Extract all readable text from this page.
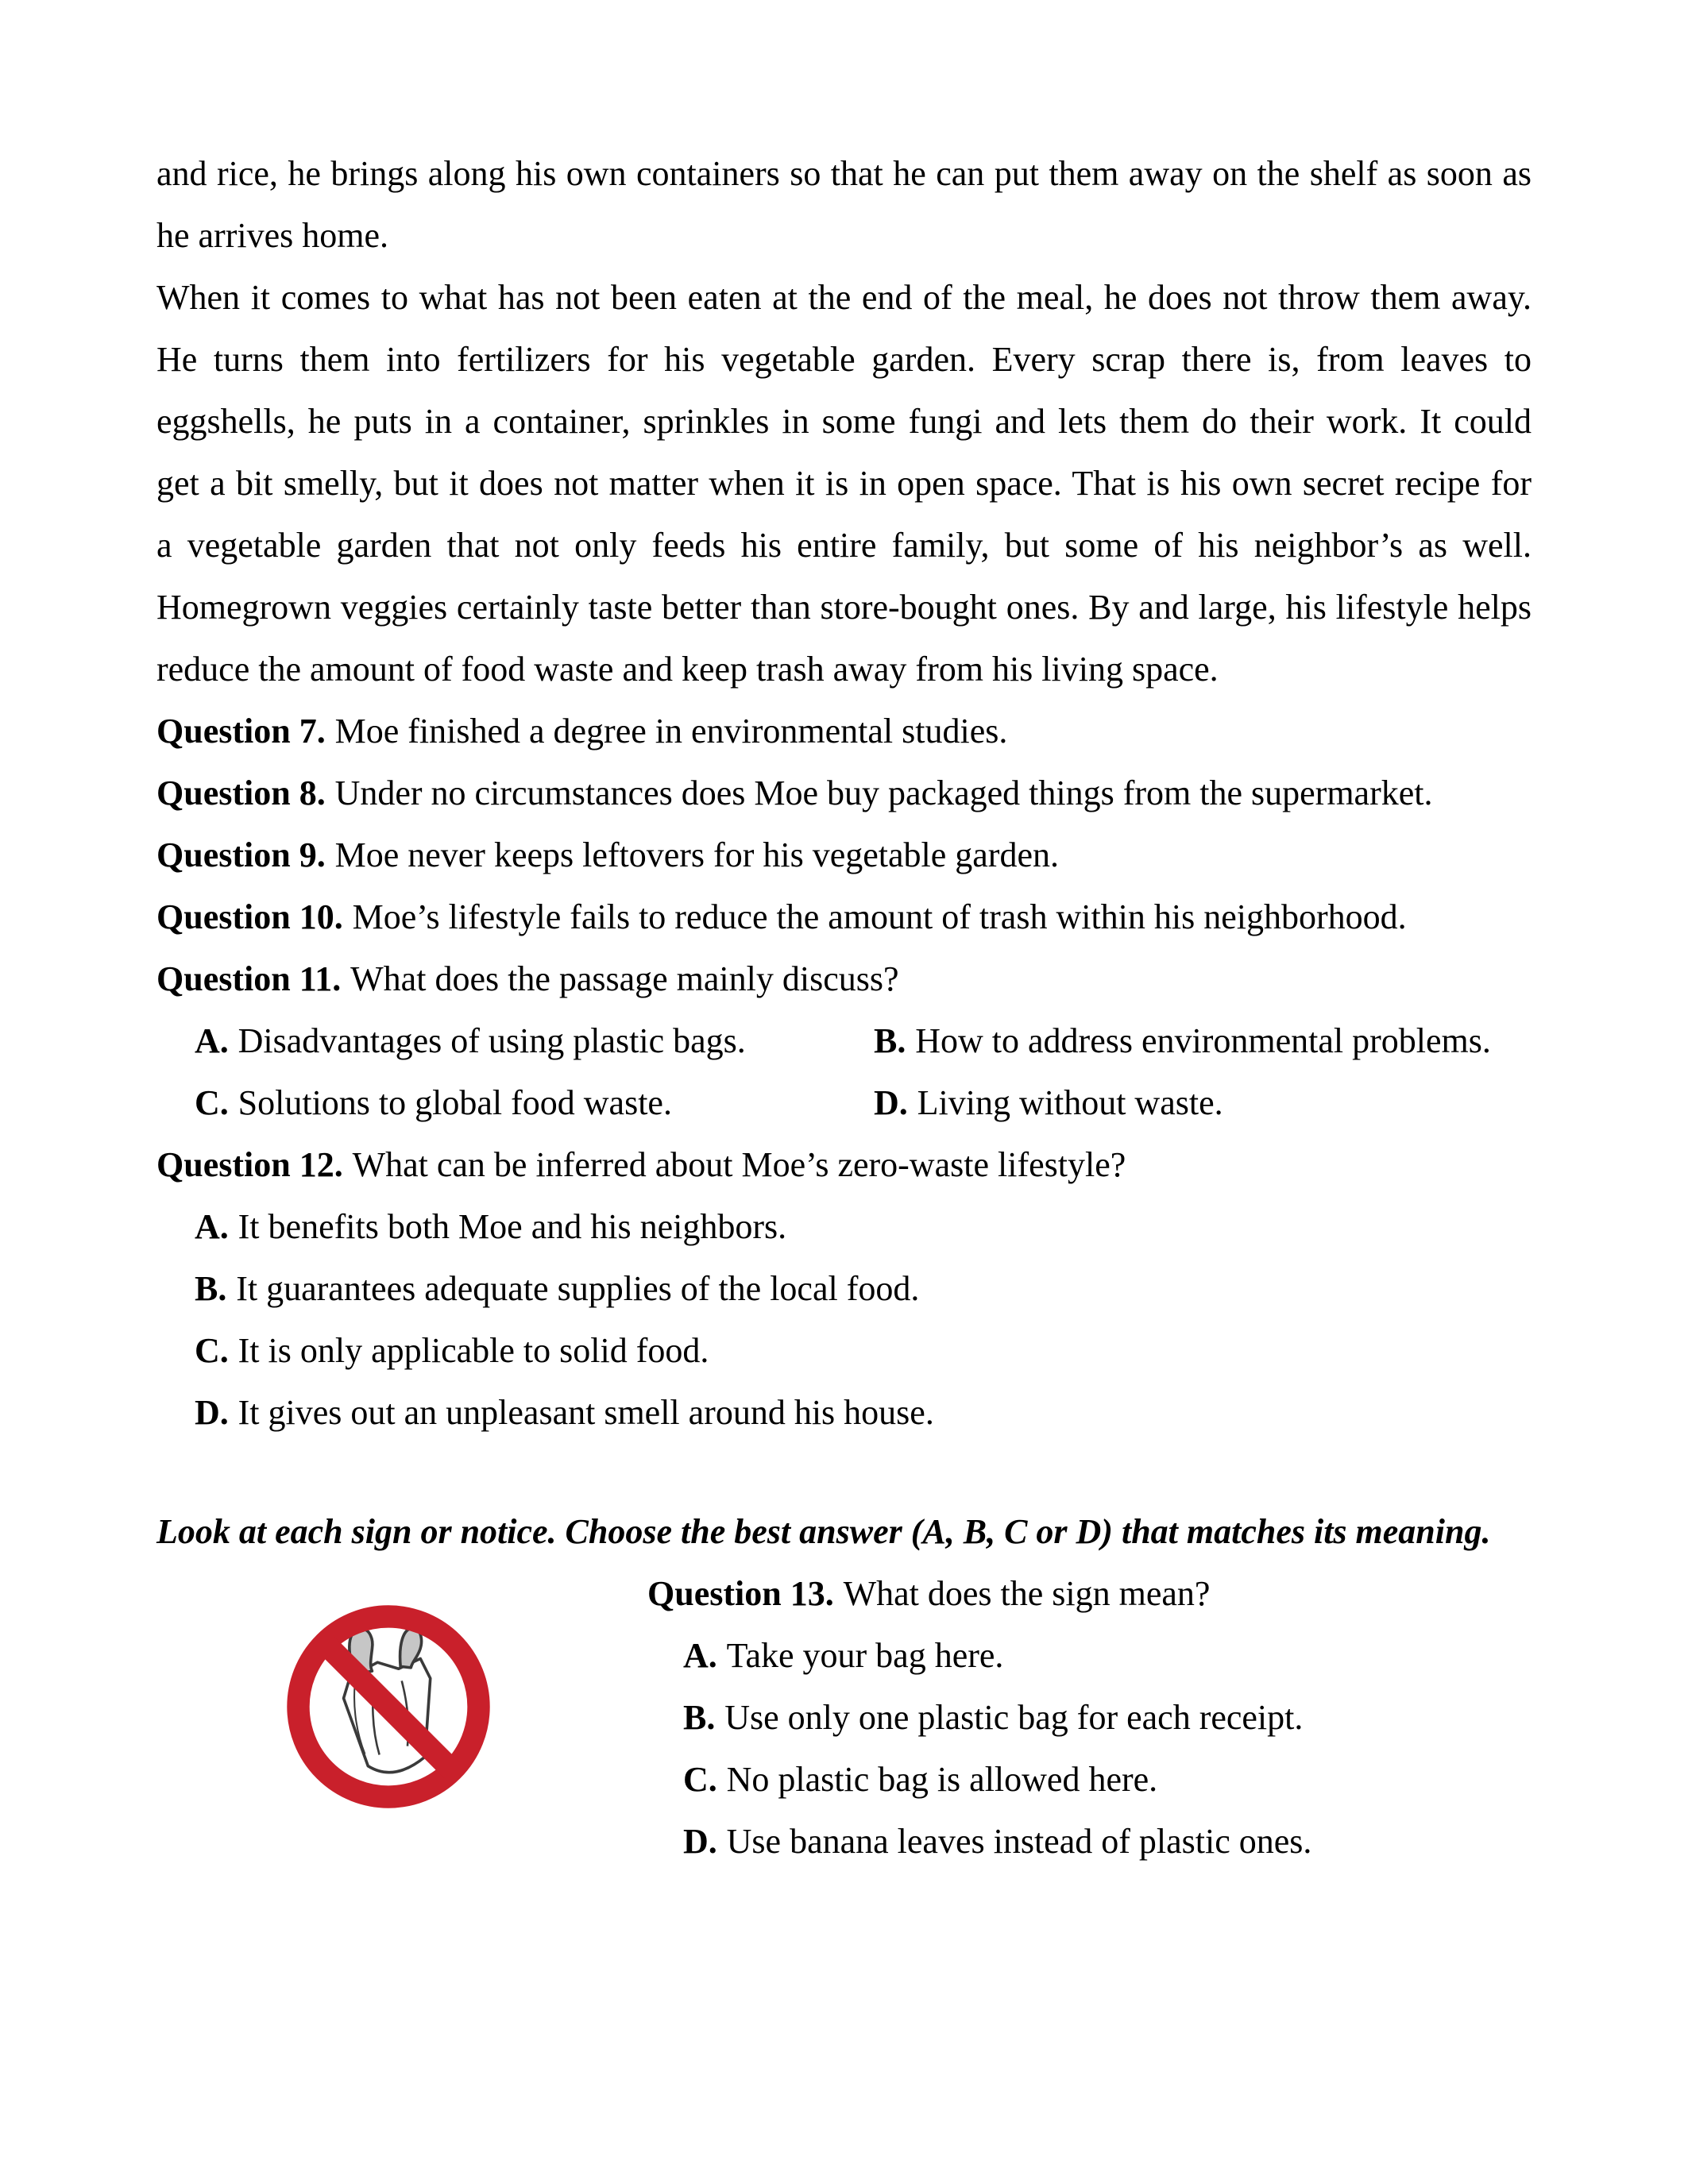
and rice, he brings along his own containers so that he can put them away on the shelf as soon as
he arrives home.
When it comes to what has not been eaten at the end of the meal, he does not throw them away.
He turns them into fertilizers for his vegetable garden. Every scrap there is, from leaves to
eggshells, he puts in a container, sprinkles in some fungi and lets them do their work. It could
get a bit smelly, but it does not matter when it is in open space. That is his own secret recipe for
a vegetable garden that not only feeds his entire family, but some of his neighbor’s as well.
Homegrown veggies certainly taste better than store-bought ones. By and large, his lifestyle helps
reduce the amount of food waste and keep trash away from his living space.
Question 7. Moe finished a degree in environmental studies.
Question 8. Under no circumstances does Moe buy packaged things from the supermarket.
Question 9. Moe never keeps leftovers for his vegetable garden.
Question 10. Moe’s lifestyle fails to reduce the amount of trash within his neighborhood.
Question 11. What does the passage mainly discuss?
A. Disadvantages of using plastic bags.	B. How to address environmental problems.
C. Solutions to global food waste.	D. Living without waste.
Question 12. What can be inferred about Moe’s zero-waste lifestyle?
A. It benefits both Moe and his neighbors.
B. It guarantees adequate supplies of the local food.
C. It is only applicable to solid food.
D. It gives out an unpleasant smell around his house.
Look at each sign or notice. Choose the best answer (A, B, C or D) that matches its meaning.
Question 13. What does the sign mean?
A. Take your bag here.
B. Use only one plastic bag for each receipt.
C. No plastic bag is allowed here.
D. Use banana leaves instead of plastic ones.
